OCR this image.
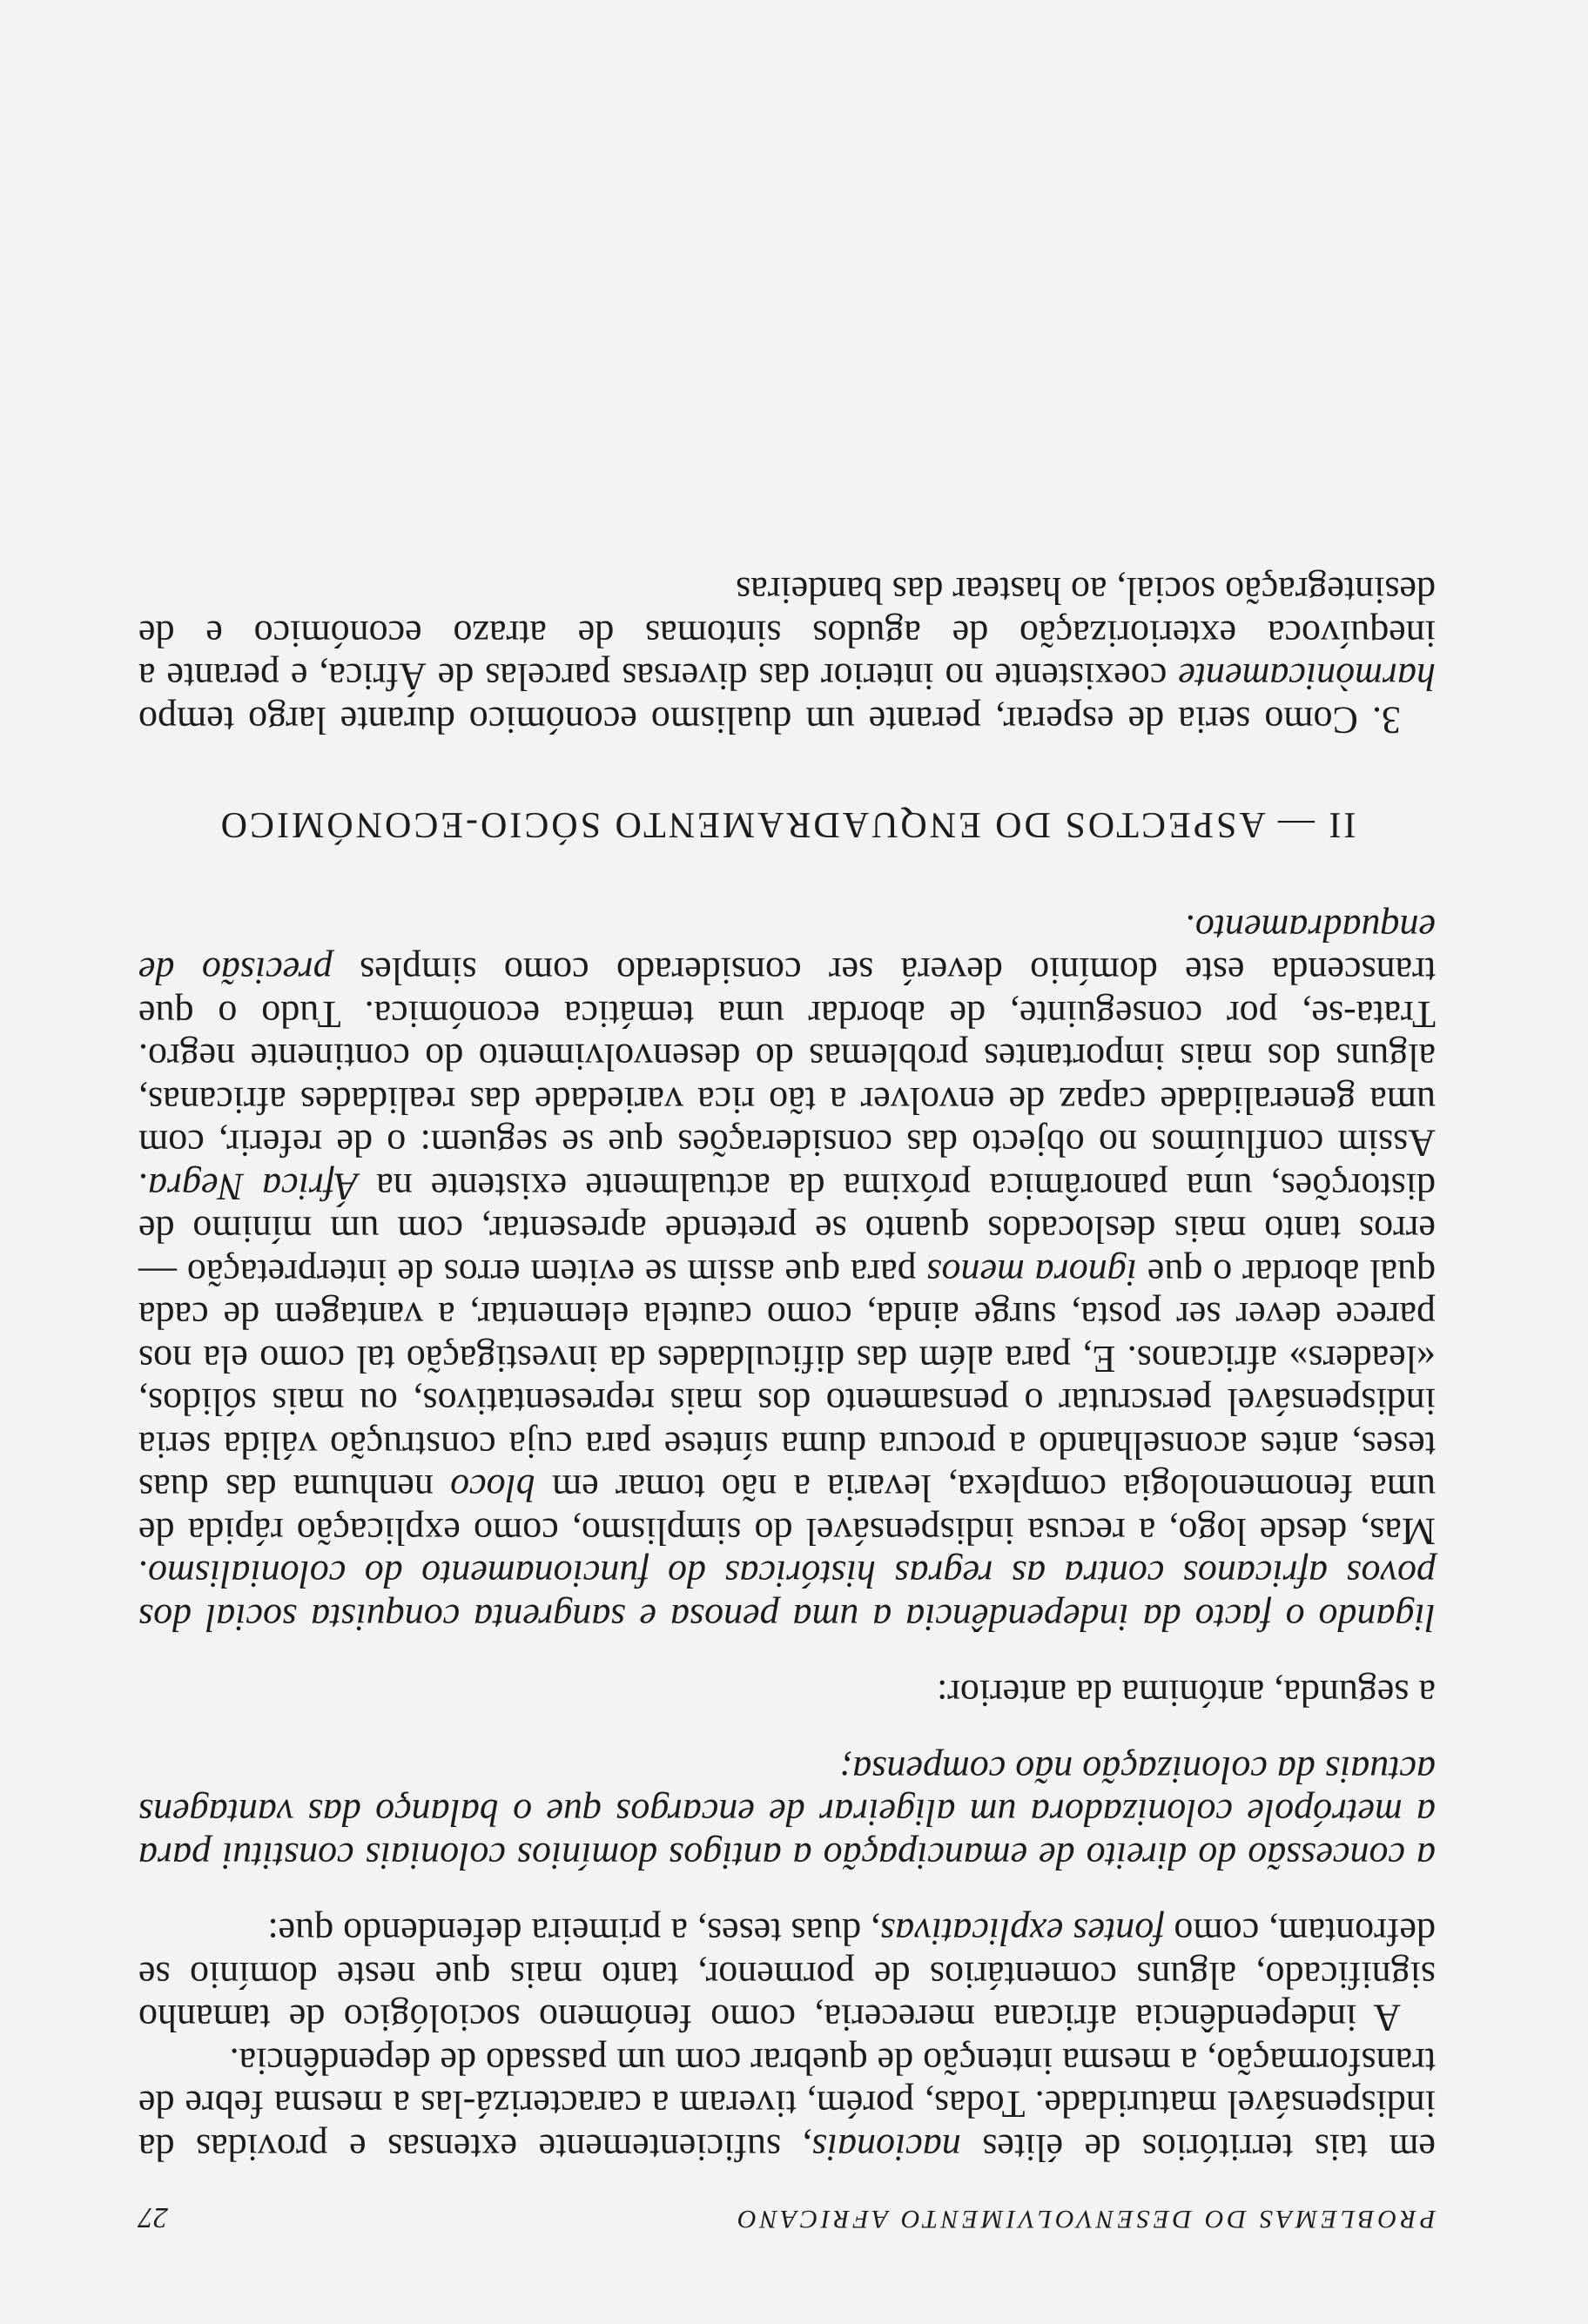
PROBLEMAS DO DESENVOLVIMENTO AFRICANO
27

em tais territórios de élites nacionais, suficientemente extensas e providas da indispensável maturidade. Todas, porém, tiveram a caracterizá-las a mesma febre de transformação, a mesma intenção de quebrar com um passado de dependência.

A independência africana mereceria, como fenómeno sociológico de tamanho significado, alguns comentários de pormenor, tanto mais que neste domínio se defrontam, como fontes explicativas, duas teses, a primeira defendendo que:

a concessão do direito de emancipação a antigos domínios coloniais constitui para a metrópole colonizadora um aligeirar de encargos que o balanço das vantagens actuais da colonização não compensa;

a segunda, antónima da anterior:

ligando o facto da independência a uma penosa e sangrenta conquista social dos povos africanos contra as regras históricas do funcionamento do colonialismo. Mas, desde logo, a recusa indispensável do simplismo, como explicação rápida de uma fenomenologia complexa, levaria a não tomar em bloco nenhuma das duas teses, antes aconselhando a procura duma síntese para cuja construção válida seria indispensável perscrutar o pensamento dos mais representativos, ou mais sólidos, «leaders» africanos. E, para além das dificuldades da investigação tal como ela nos parece dever ser posta, surge ainda, como cautela elementar, a vantagem de cada qual abordar o que ignora menos para que assim se evitem erros de interpretação — erros tanto mais deslocados quanto se pretende apresentar, com um mínimo de distorções, uma panorâmica próxima da actualmente existente na África Negra. Assim confluímos no objecto das considerações que se seguem: o de referir, com uma generalidade capaz de envolver a tão rica variedade das realidades africanas, alguns dos mais importantes problemas do desenvolvimento do continente negro. Trata-se, por conseguinte, de abordar uma temática económica. Tudo o que transcenda este domínio deverá ser considerado como simples precisão de enquadramento.

II — ASPECTOS DO ENQUADRAMENTO SÓCIO-ECONÓMICO

3. Como seria de esperar, perante um dualismo económico durante largo tempo harmònicamente coexistente no interior das diversas parcelas de África, e perante a inequívoca exteriorização de agudos sintomas de atrazo económico e de desintegração social, ao hastear das bandeiras
